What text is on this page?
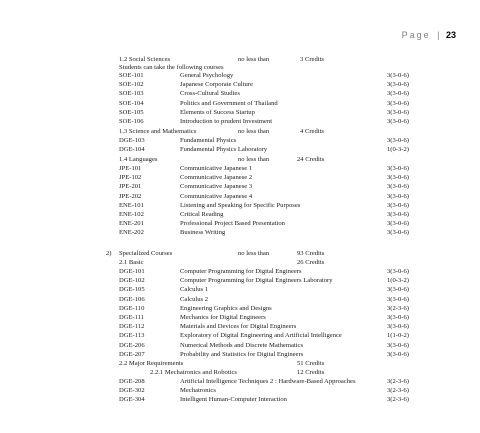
Page | 23
1.2 Social Sciences	no less than	3 Credits
Students can take the following courses
SOE-101	General Psychology	3(3-0-6)
SOE-102	Japanese Corporate Culture	3(3-0-6)
SOE-103	Cross-Cultural Studies	3(3-0-6)
SOE-104	Politics and Government of Thailand	3(3-0-6)
SOE-105	Elements of Success Startup	3(3-0-6)
SOE-106	Introduction to prudent Investment	3(3-0-6)
1.3 Science and Mathematics	no less than	4 Credits
DGE-103	Fundamental Physics	3(3-0-6)
DGE-104	Fundamental Physics Laboratory	1(0-3-2)
1.4 Languages	no less than	24 Credits
JPE-101	Communicative Japanese 1	3(3-0-6)
JPE-102	Communicative Japanese 2	3(3-0-6)
JPE-201	Communicative Japanese 3	3(3-0-6)
JPE-202	Communicative Japanese 4	3(3-0-6)
ENE-101	Listening and Speaking for Specific Purposes	3(3-0-6)
ENE-102	Critical Reading	3(3-0-6)
ENE-201	Professional Project Based Presentation	3(3-0-6)
ENE-202	Business Writing	3(3-0-6)
2) Specialized Courses	no less than	93 Credits
2.1 Basic	26 Credits
DGE-101	Computer Programming for Digital Engineers	3(3-0-6)
DGE-102	Computer Programming for Digital Engineers Laboratory	1(0-3-2)
DGE-105	Calculus 1	3(3-0-6)
DGE-106	Calculus 2	3(3-0-6)
DGE-110	Engineering Graphics and Designs	3(2-3-6)
DGE-111	Mechanics for Digital Engineers	3(3-0-6)
DGE-112	Materials and Devices for Digital Engineers	3(3-0-6)
DGE-113	Exploratory of Digital Engineering and Artificial Intelligence	1(1-0-2)
DGE-206	Numerical Methods and Discrete Mathematics	3(3-0-6)
DGE-207	Probability and Statistics for Digital Engineers	3(3-0-6)
2.2 Major Requirements	51 Credits
2.2.1 Mechatronics and Robotics	12 Credits
DGE-208	Artificial Intelligence Techniques 2 : Hardware-Based Approaches	3(2-3-6)
DGE-302	Mechatronics	3(2-3-6)
DGE-304	Intelligent Human-Computer Interaction	3(2-3-6)
